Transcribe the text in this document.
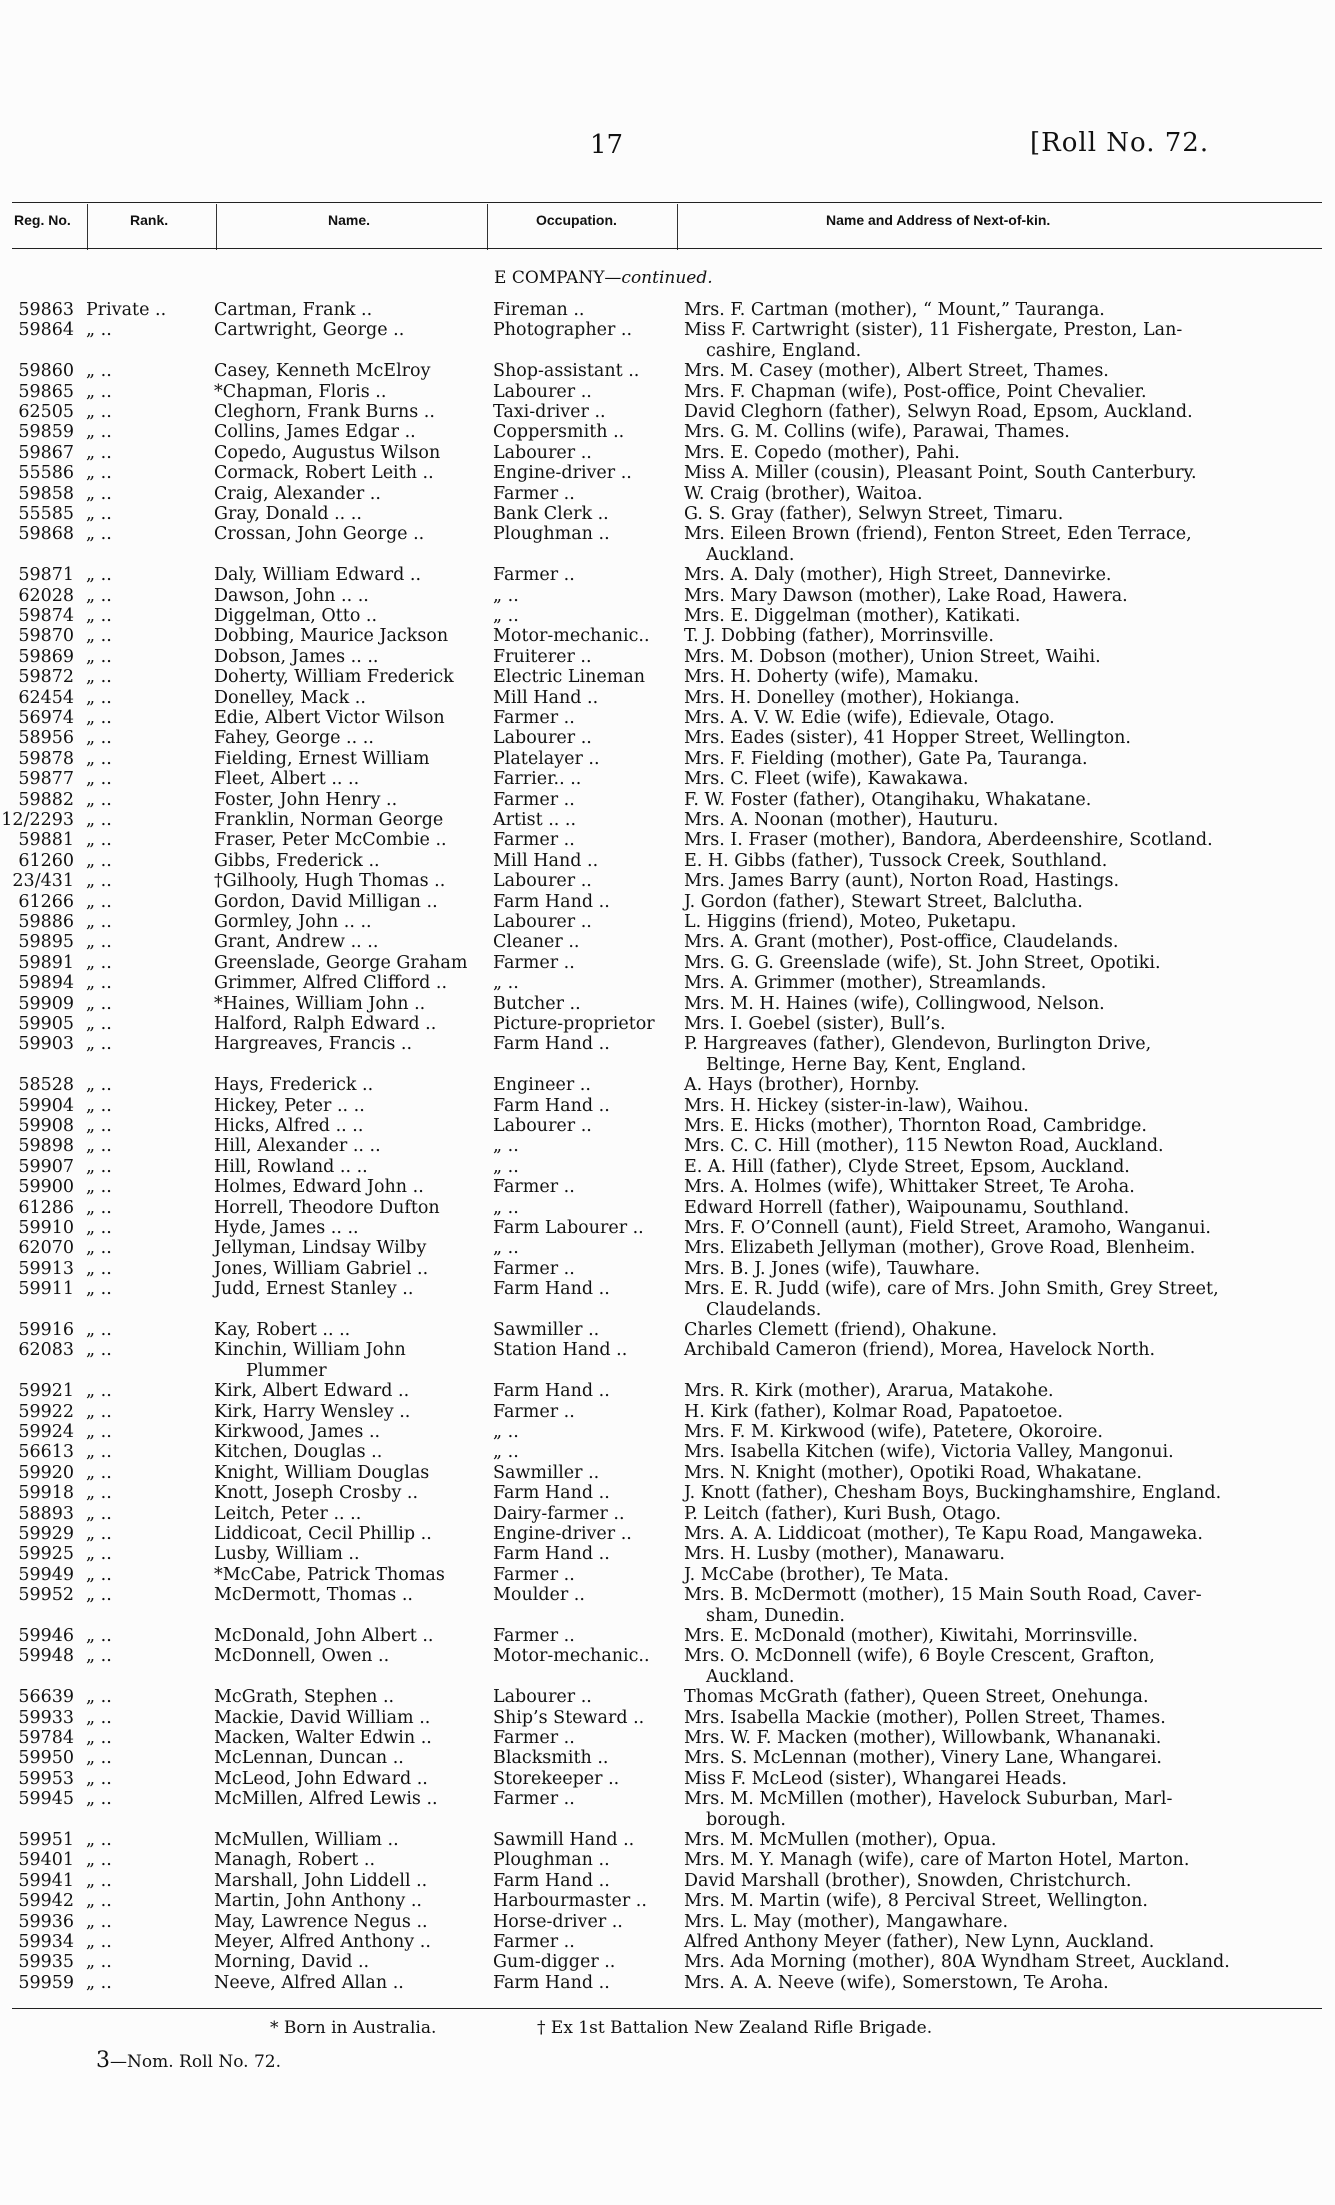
17	[Roll No. 72.
Reg. No.	Rank.	Name.	Occupation.	Name and Address of Next-of-kin.
E COMPANY—continued.
59863 Private ..	Cartman, Frank ..	Fireman ..	Mrs. F. Cartman (mother), “ Mount,” Tauranga.
59864 „ ..	Cartwright, George ..	Photographer ..	Miss F. Cartwright (sister), 11 Fishergate, Preston, Lan-
cashire, England.
59860 „ ..	Casey, Kenneth McElroy	Shop-assistant ..	Mrs. M. Casey (mother), Albert Street, Thames.
59865 „ ..	*Chapman, Floris ..	Labourer ..	Mrs. F. Chapman (wife), Post-office, Point Chevalier.
62505 „ ..	Cleghorn, Frank Burns ..	Taxi-driver ..	David Cleghorn (father), Selwyn Road, Epsom, Auckland.
59859 „ ..	Collins, James Edgar ..	Coppersmith ..	Mrs. G. M. Collins (wife), Parawai, Thames.
59867 „ ..	Copedo, Augustus Wilson	Labourer ..	Mrs. E. Copedo (mother), Pahi.
55586 „ ..	Cormack, Robert Leith ..	Engine-driver ..	Miss A. Miller (cousin), Pleasant Point, South Canterbury.
59858 „ ..	Craig, Alexander ..	Farmer ..	W. Craig (brother), Waitoa.
55585 „ ..	Gray, Donald .. ..	Bank Clerk ..	G. S. Gray (father), Selwyn Street, Timaru.
59868 „ ..	Crossan, John George ..	Ploughman ..	Mrs. Eileen Brown (friend), Fenton Street, Eden Terrace,
Auckland.
59871 „ ..	Daly, William Edward ..	Farmer ..	Mrs. A. Daly (mother), High Street, Dannevirke.
62028 „ ..	Dawson, John .. ..	„ ..	Mrs. Mary Dawson (mother), Lake Road, Hawera.
59874 „ ..	Diggelman, Otto ..	„ ..	Mrs. E. Diggelman (mother), Katikati.
59870 „ ..	Dobbing, Maurice Jackson	Motor-mechanic..	T. J. Dobbing (father), Morrinsville.
59869 „ ..	Dobson, James .. ..	Fruiterer ..	Mrs. M. Dobson (mother), Union Street, Waihi.
59872 „ ..	Doherty, William Frederick	Electric Lineman	Mrs. H. Doherty (wife), Mamaku.
62454 „ ..	Donelley, Mack ..	Mill Hand ..	Mrs. H. Donelley (mother), Hokianga.
56974 „ ..	Edie, Albert Victor Wilson	Farmer ..	Mrs. A. V. W. Edie (wife), Edievale, Otago.
58956 „ ..	Fahey, George .. ..	Labourer ..	Mrs. Eades (sister), 41 Hopper Street, Wellington.
59878 „ ..	Fielding, Ernest William	Platelayer ..	Mrs. F. Fielding (mother), Gate Pa, Tauranga.
59877 „ ..	Fleet, Albert .. ..	Farrier.. ..	Mrs. C. Fleet (wife), Kawakawa.
59882 „ ..	Foster, John Henry ..	Farmer ..	F. W. Foster (father), Otangihaku, Whakatane.
12/2293 „ ..	Franklin, Norman George	Artist .. ..	Mrs. A. Noonan (mother), Hauturu.
59881 „ ..	Fraser, Peter McCombie ..	Farmer ..	Mrs. I. Fraser (mother), Bandora, Aberdeenshire, Scotland.
61260 „ ..	Gibbs, Frederick ..	Mill Hand ..	E. H. Gibbs (father), Tussock Creek, Southland.
23/431 „ ..	†Gilhooly, Hugh Thomas ..	Labourer ..	Mrs. James Barry (aunt), Norton Road, Hastings.
61266 „ ..	Gordon, David Milligan ..	Farm Hand ..	J. Gordon (father), Stewart Street, Balclutha.
59886 „ ..	Gormley, John .. ..	Labourer ..	L. Higgins (friend), Moteo, Puketapu.
59895 „ ..	Grant, Andrew .. ..	Cleaner ..	Mrs. A. Grant (mother), Post-office, Claudelands.
59891 „ ..	Greenslade, George Graham	Farmer ..	Mrs. G. G. Greenslade (wife), St. John Street, Opotiki.
59894 „ ..	Grimmer, Alfred Clifford ..	„ ..	Mrs. A. Grimmer (mother), Streamlands.
59909 „ ..	*Haines, William John ..	Butcher ..	Mrs. M. H. Haines (wife), Collingwood, Nelson.
59905 „ ..	Halford, Ralph Edward ..	Picture-proprietor	Mrs. I. Goebel (sister), Bull’s.
59903 „ ..	Hargreaves, Francis ..	Farm Hand ..	P. Hargreaves (father), Glendevon, Burlington Drive,
Beltinge, Herne Bay, Kent, England.
58528 „ ..	Hays, Frederick ..	Engineer ..	A. Hays (brother), Hornby.
59904 „ ..	Hickey, Peter .. ..	Farm Hand ..	Mrs. H. Hickey (sister-in-law), Waihou.
59908 „ ..	Hicks, Alfred .. ..	Labourer ..	Mrs. E. Hicks (mother), Thornton Road, Cambridge.
59898 „ ..	Hill, Alexander .. ..	„ ..	Mrs. C. C. Hill (mother), 115 Newton Road, Auckland.
59907 „ ..	Hill, Rowland .. ..	„ ..	E. A. Hill (father), Clyde Street, Epsom, Auckland.
59900 „ ..	Holmes, Edward John ..	Farmer ..	Mrs. A. Holmes (wife), Whittaker Street, Te Aroha.
61286 „ ..	Horrell, Theodore Dufton	„ ..	Edward Horrell (father), Waipounamu, Southland.
59910 „ ..	Hyde, James .. ..	Farm Labourer ..	Mrs. F. O’Connell (aunt), Field Street, Aramoho, Wanganui.
62070 „ ..	Jellyman, Lindsay Wilby	„ ..	Mrs. Elizabeth Jellyman (mother), Grove Road, Blenheim.
59913 „ ..	Jones, William Gabriel ..	Farmer ..	Mrs. B. J. Jones (wife), Tauwhare.
59911 „ ..	Judd, Ernest Stanley ..	Farm Hand ..	Mrs. E. R. Judd (wife), care of Mrs. John Smith, Grey Street,
Claudelands.
59916 „ ..	Kay, Robert .. ..	Sawmiller ..	Charles Clemett (friend), Ohakune.
62083 „ ..	Kinchin, William John	Station Hand ..	Archibald Cameron (friend), Morea, Havelock North.
Plummer
59921 „ ..	Kirk, Albert Edward ..	Farm Hand ..	Mrs. R. Kirk (mother), Ararua, Matakohe.
59922 „ ..	Kirk, Harry Wensley ..	Farmer ..	H. Kirk (father), Kolmar Road, Papatoetoe.
59924 „ ..	Kirkwood, James ..	„ ..	Mrs. F. M. Kirkwood (wife), Patetere, Okoroire.
56613 „ ..	Kitchen, Douglas ..	„ ..	Mrs. Isabella Kitchen (wife), Victoria Valley, Mangonui.
59920 „ ..	Knight, William Douglas	Sawmiller ..	Mrs. N. Knight (mother), Opotiki Road, Whakatane.
59918 „ ..	Knott, Joseph Crosby ..	Farm Hand ..	J. Knott (father), Chesham Boys, Buckinghamshire, England.
58893 „ ..	Leitch, Peter .. ..	Dairy-farmer ..	P. Leitch (father), Kuri Bush, Otago.
59929 „ ..	Liddicoat, Cecil Phillip ..	Engine-driver ..	Mrs. A. A. Liddicoat (mother), Te Kapu Road, Mangaweka.
59925 „ ..	Lusby, William ..	Farm Hand ..	Mrs. H. Lusby (mother), Manawaru.
59949 „ ..	*McCabe, Patrick Thomas	Farmer ..	J. McCabe (brother), Te Mata.
59952 „ ..	McDermott, Thomas ..	Moulder ..	Mrs. B. McDermott (mother), 15 Main South Road, Caver-
sham, Dunedin.
59946 „ ..	McDonald, John Albert ..	Farmer ..	Mrs. E. McDonald (mother), Kiwitahi, Morrinsville.
59948 „ ..	McDonnell, Owen ..	Motor-mechanic..	Mrs. O. McDonnell (wife), 6 Boyle Crescent, Grafton,
Auckland.
56639 „ ..	McGrath, Stephen ..	Labourer ..	Thomas McGrath (father), Queen Street, Onehunga.
59933 „ ..	Mackie, David William ..	Ship’s Steward ..	Mrs. Isabella Mackie (mother), Pollen Street, Thames.
59784 „ ..	Macken, Walter Edwin ..	Farmer ..	Mrs. W. F. Macken (mother), Willowbank, Whananaki.
59950 „ ..	McLennan, Duncan ..	Blacksmith ..	Mrs. S. McLennan (mother), Vinery Lane, Whangarei.
59953 „ ..	McLeod, John Edward ..	Storekeeper ..	Miss F. McLeod (sister), Whangarei Heads.
59945 „ ..	McMillen, Alfred Lewis ..	Farmer ..	Mrs. M. McMillen (mother), Havelock Suburban, Marl-
borough.
59951 „ ..	McMullen, William ..	Sawmill Hand ..	Mrs. M. McMullen (mother), Opua.
59401 „ ..	Managh, Robert ..	Ploughman ..	Mrs. M. Y. Managh (wife), care of Marton Hotel, Marton.
59941 „ ..	Marshall, John Liddell ..	Farm Hand ..	David Marshall (brother), Snowden, Christchurch.
59942 „ ..	Martin, John Anthony ..	Harbourmaster ..	Mrs. M. Martin (wife), 8 Percival Street, Wellington.
59936 „ ..	May, Lawrence Negus ..	Horse-driver ..	Mrs. L. May (mother), Mangawhare.
59934 „ ..	Meyer, Alfred Anthony ..	Farmer ..	Alfred Anthony Meyer (father), New Lynn, Auckland.
59935 „ ..	Morning, David ..	Gum-digger ..	Mrs. Ada Morning (mother), 80A Wyndham Street, Auckland.
59959 „ ..	Neeve, Alfred Allan ..	Farm Hand ..	Mrs. A. A. Neeve (wife), Somerstown, Te Aroha.
* Born in Australia.	† Ex 1st Battalion New Zealand Rifle Brigade.
3—Nom. Roll No. 72.
